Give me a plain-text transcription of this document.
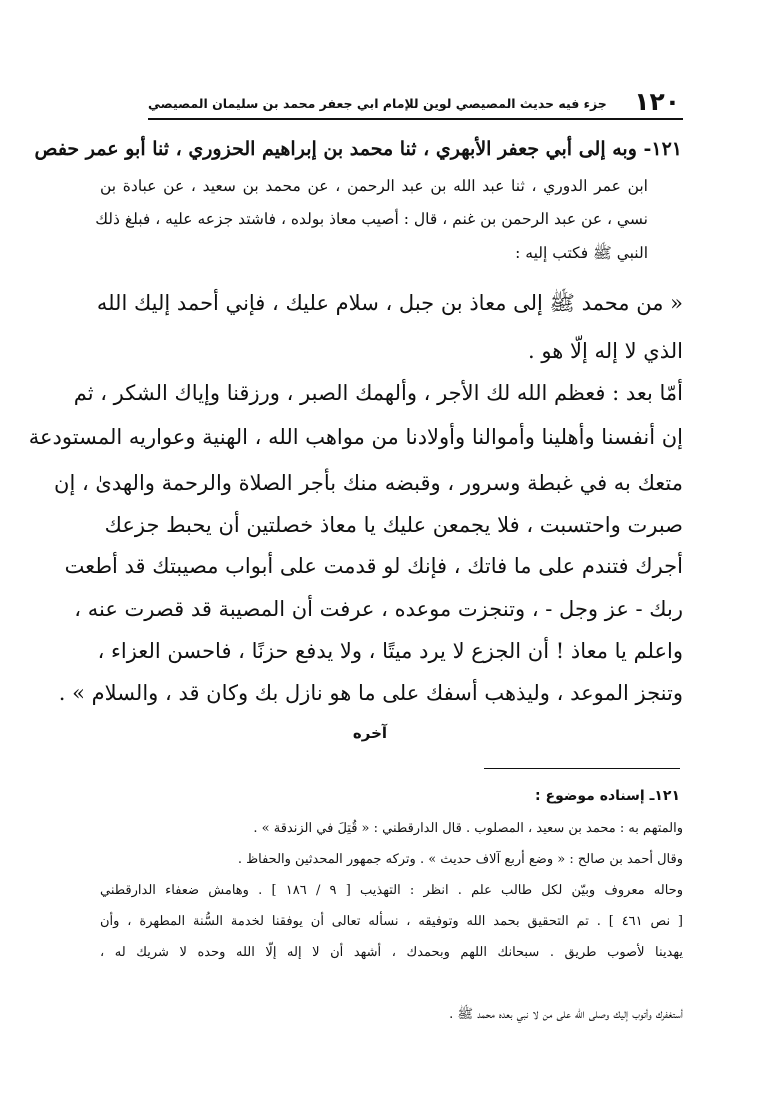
١٢٠
جزء فيه حديث المصيصي لوين للإمام ابي جعفر محمد بن سليمان المصيصي
١٢١- وبه إلى أبي جعفر الأبهري ، ثنا محمد بن إبراهيم الحزوري ، ثنا أبو عمر حفص
ابن عمر الدوري ، ثنا عبد الله بن عبد الرحمن ، عن محمد بن سعيد ، عن عبادة بن
نسي ، عن عبد الرحمن بن غنم ، قال : أصيب معاذ بولده ، فاشتد جزعه عليه ، فبلغ ذلك
النبي ﷺ فكتب إليه :
« من محمد ﷺ إلى معاذ بن جبل ، سلام عليك ، فإني أحمد إليك الله
الذي لا إله إلّا هو .
أمّا بعد : فعظم الله لك الأجر ، وألهمك الصبر ، ورزقنا وإياك الشكر ، ثم
إن أنفسنا وأهلينا وأموالنا وأولادنا من مواهب الله ، الهنية وعواريه المستودعة
متعك به في غبطة وسرور ، وقبضه منك بأجر الصلاة والرحمة والهدىٰ ، إن
صبرت واحتسبت ، فلا يجمعن عليك يا معاذ خصلتين أن يحبط جزعك
أجرك فتندم على ما فاتك ، فإنك لو قدمت على أبواب مصيبتك قد أطعت
ربك - عز وجل - ، وتنجزت موعده ، عرفت أن المصيبة قد قصرت عنه ،
واعلم يا معاذ ! أن الجزع لا يرد ميتًا ، ولا يدفع حزنًا ، فاحسن العزاء ،
وتنجز الموعد ، وليذهب أسفك على ما هو نازل بك وكان قد ، والسلام » .
آخره
١٢١ـ إسناده موضوع :
والمتهم به : محمد بن سعيد ، المصلوب . قال الدارقطني : « قُتِلَ في الزندقة » .
وقال أحمد بن صالح : « وضع أربع آلاف حديث » . وتركه جمهور المحدثين والحفاظ .
وحاله معروف وبيّن لكل طالب علم . انظر : التهذيب [ ٩ / ١٨٦ ] . وهامش ضعفاء الدارقطني
[ نص ٤٦١ ] . تم التحقيق بحمد الله وتوفيقه ، نسأله تعالى أن يوفقنا لخدمة السُّنة المطهرة ، وأن
يهدينا لأصوب طريق . سبحانك اللهم وبحمدك ، أشهد أن لا إله إلّا الله وحده لا شريك له ،
أستغفرك وأتوب إليك وصلى الله على من لا نبي بعده محمد ﷺ .
